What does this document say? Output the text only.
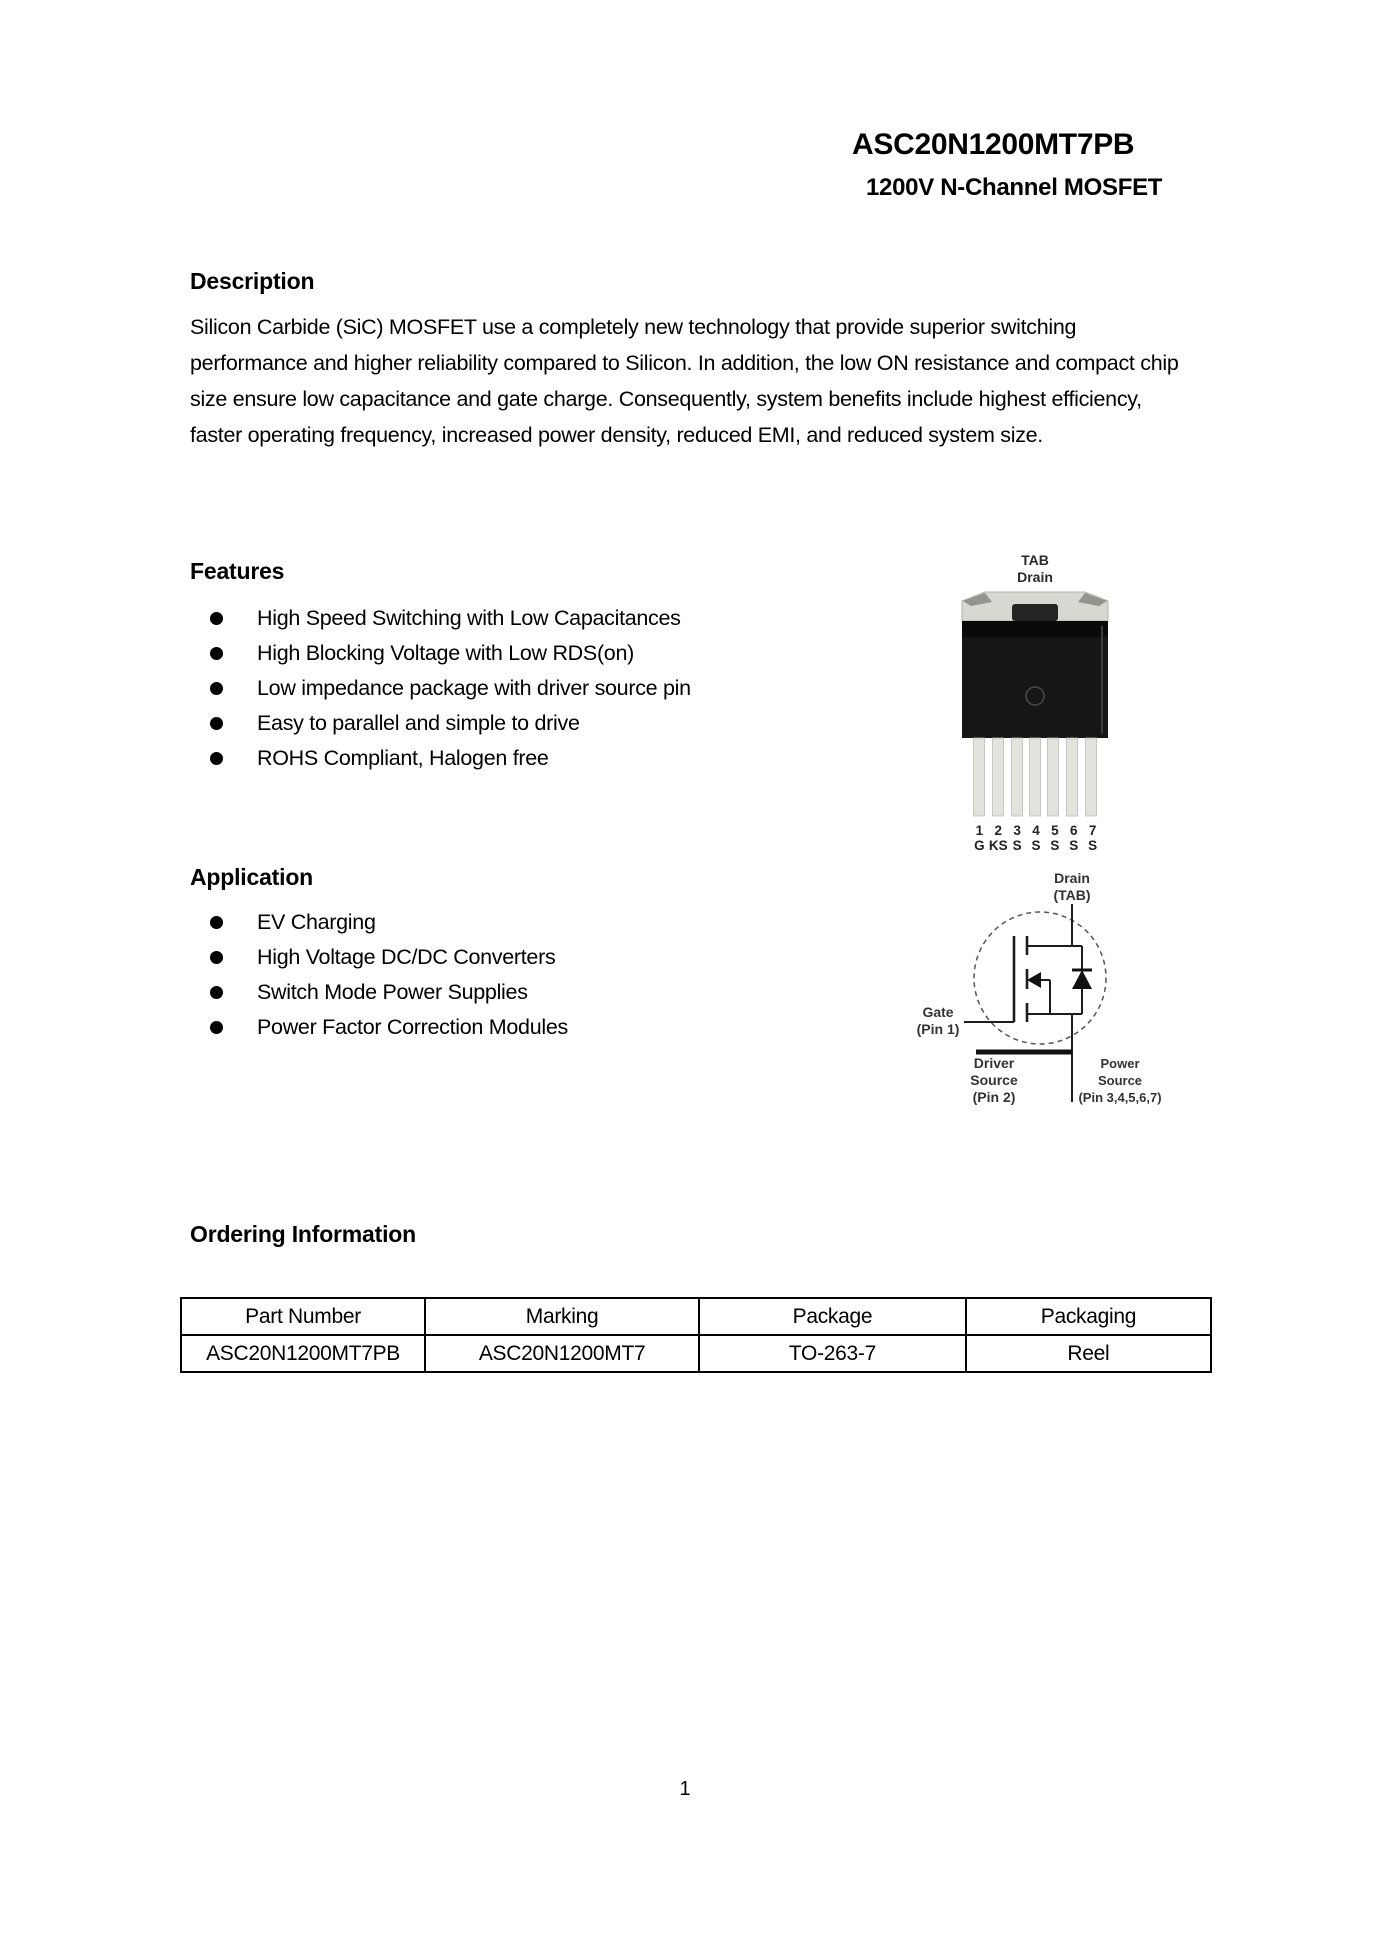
ASC20N1200MT7PB
1200V N-Channel MOSFET
Description
Silicon Carbide (SiC) MOSFET use a completely new technology that provide superior switching performance and higher reliability compared to Silicon. In addition, the low ON resistance and compact chip size ensure low capacitance and gate charge. Consequently, system benefits include highest efficiency, faster operating frequency, increased power density, reduced EMI, and reduced system size.
Features
High Speed Switching with Low Capacitances
High Blocking Voltage with Low RDS(on)
Low impedance package with driver source pin
Easy to parallel and simple to drive
ROHS Compliant, Halogen free
TAB
Drain
1
G
2
KS
3
S
4
S
5
S
6
S
7
S
Application
EV Charging
High Voltage DC/DC Converters
Switch Mode Power Supplies
Power Factor Correction Modules
Drain
(TAB)
Gate
(Pin 1)
Driver
Source
(Pin 2)
Power
Source
(Pin 3,4,5,6,7)
Ordering Information
Part Number	Marking	Package	Packaging
ASC20N1200MT7PB	ASC20N1200MT7	TO-263-7	Reel
1
